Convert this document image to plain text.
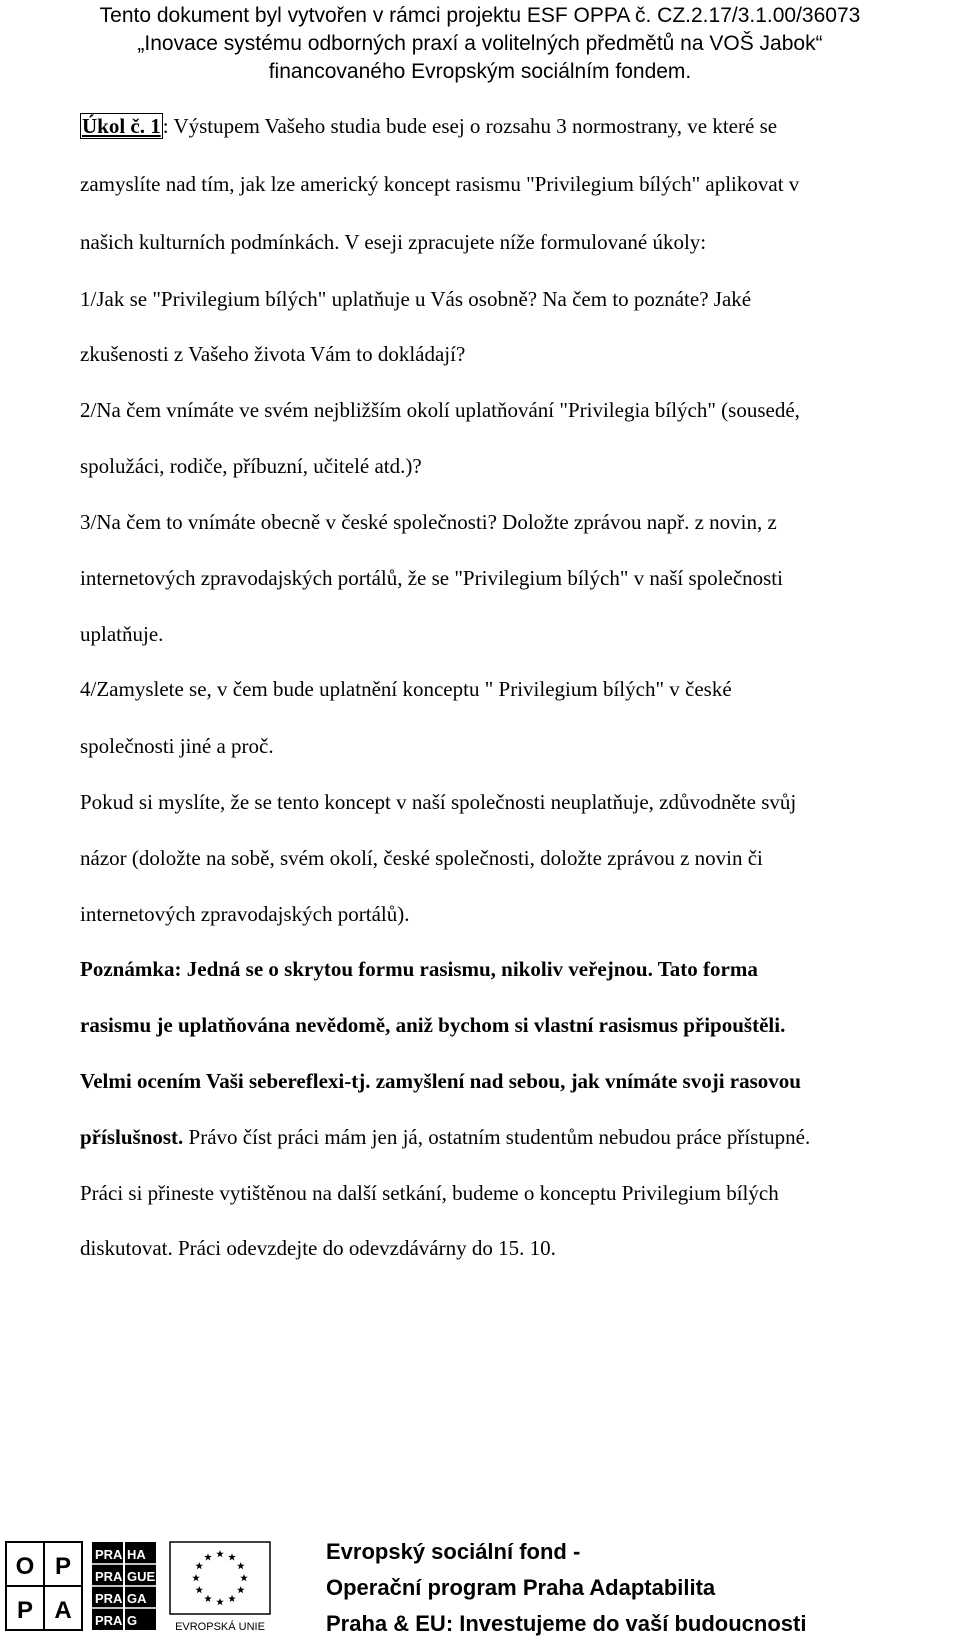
Tento dokument byl vytvořen v rámci projektu ESF OPPA č. CZ.2.17/3.1.00/36073
„Inovace systému odborných praxí a volitelných předmětů na VOŠ Jabok“
financovaného Evropským sociálním fondem.
Úkol č. 1: Výstupem Vašeho studia bude esej o rozsahu 3 normostrany, ve které se
zamyslíte nad tím, jak lze americký koncept rasismu "Privilegium bílých" aplikovat v
našich kulturních podmínkách. V eseji zpracujete níže formulované úkoly:
1/Jak se "Privilegium bílých" uplatňuje u Vás osobně? Na čem to poznáte? Jaké
zkušenosti z Vašeho života Vám to dokládají?
2/Na čem vnímáte ve svém nejbližším okolí uplatňování "Privilegia bílých" (sousedé,
spolužáci, rodiče, příbuzní, učitelé atd.)?
3/Na čem to vnímáte obecně v české společnosti? Doložte zprávou např. z novin, z
internetových zpravodajských portálů, že se "Privilegium bílých" v naší společnosti
uplatňuje.
4/Zamyslete se, v čem bude uplatnění konceptu " Privilegium bílých" v české
společnosti jiné a proč.
Pokud si myslíte, že se tento koncept v naší společnosti neuplatňuje, zdůvodněte svůj
názor (doložte na sobě, svém okolí, české společnosti, doložte zprávou z novin či
internetových zpravodajských portálů).
Poznámka: Jedná se o skrytou formu rasismu, nikoliv veřejnou. Tato forma
rasismu je uplatňována nevědomě, aniž bychom si vlastní rasismus připouštěli.
Velmi ocením Vaši sebereflexi-tj. zamyšlení nad sebou, jak vnímáte svoji rasovou
příslušnost. Právo číst práci mám jen já, ostatním studentům nebudou práce přístupné.
Práci si přineste vytištěnou na další setkání, budeme o konceptu Privilegium bílých
diskutovat. Práci odevzdejte do odevzdávárny do 15. 10.
O P
P A
PRA HA
PRA GUE
PRA GA
PRA G	EVROPSKÁ UNIE
Evropský sociální fond -
Operační program Praha Adaptabilita
Praha & EU: Investujeme do vaší budoucnosti
